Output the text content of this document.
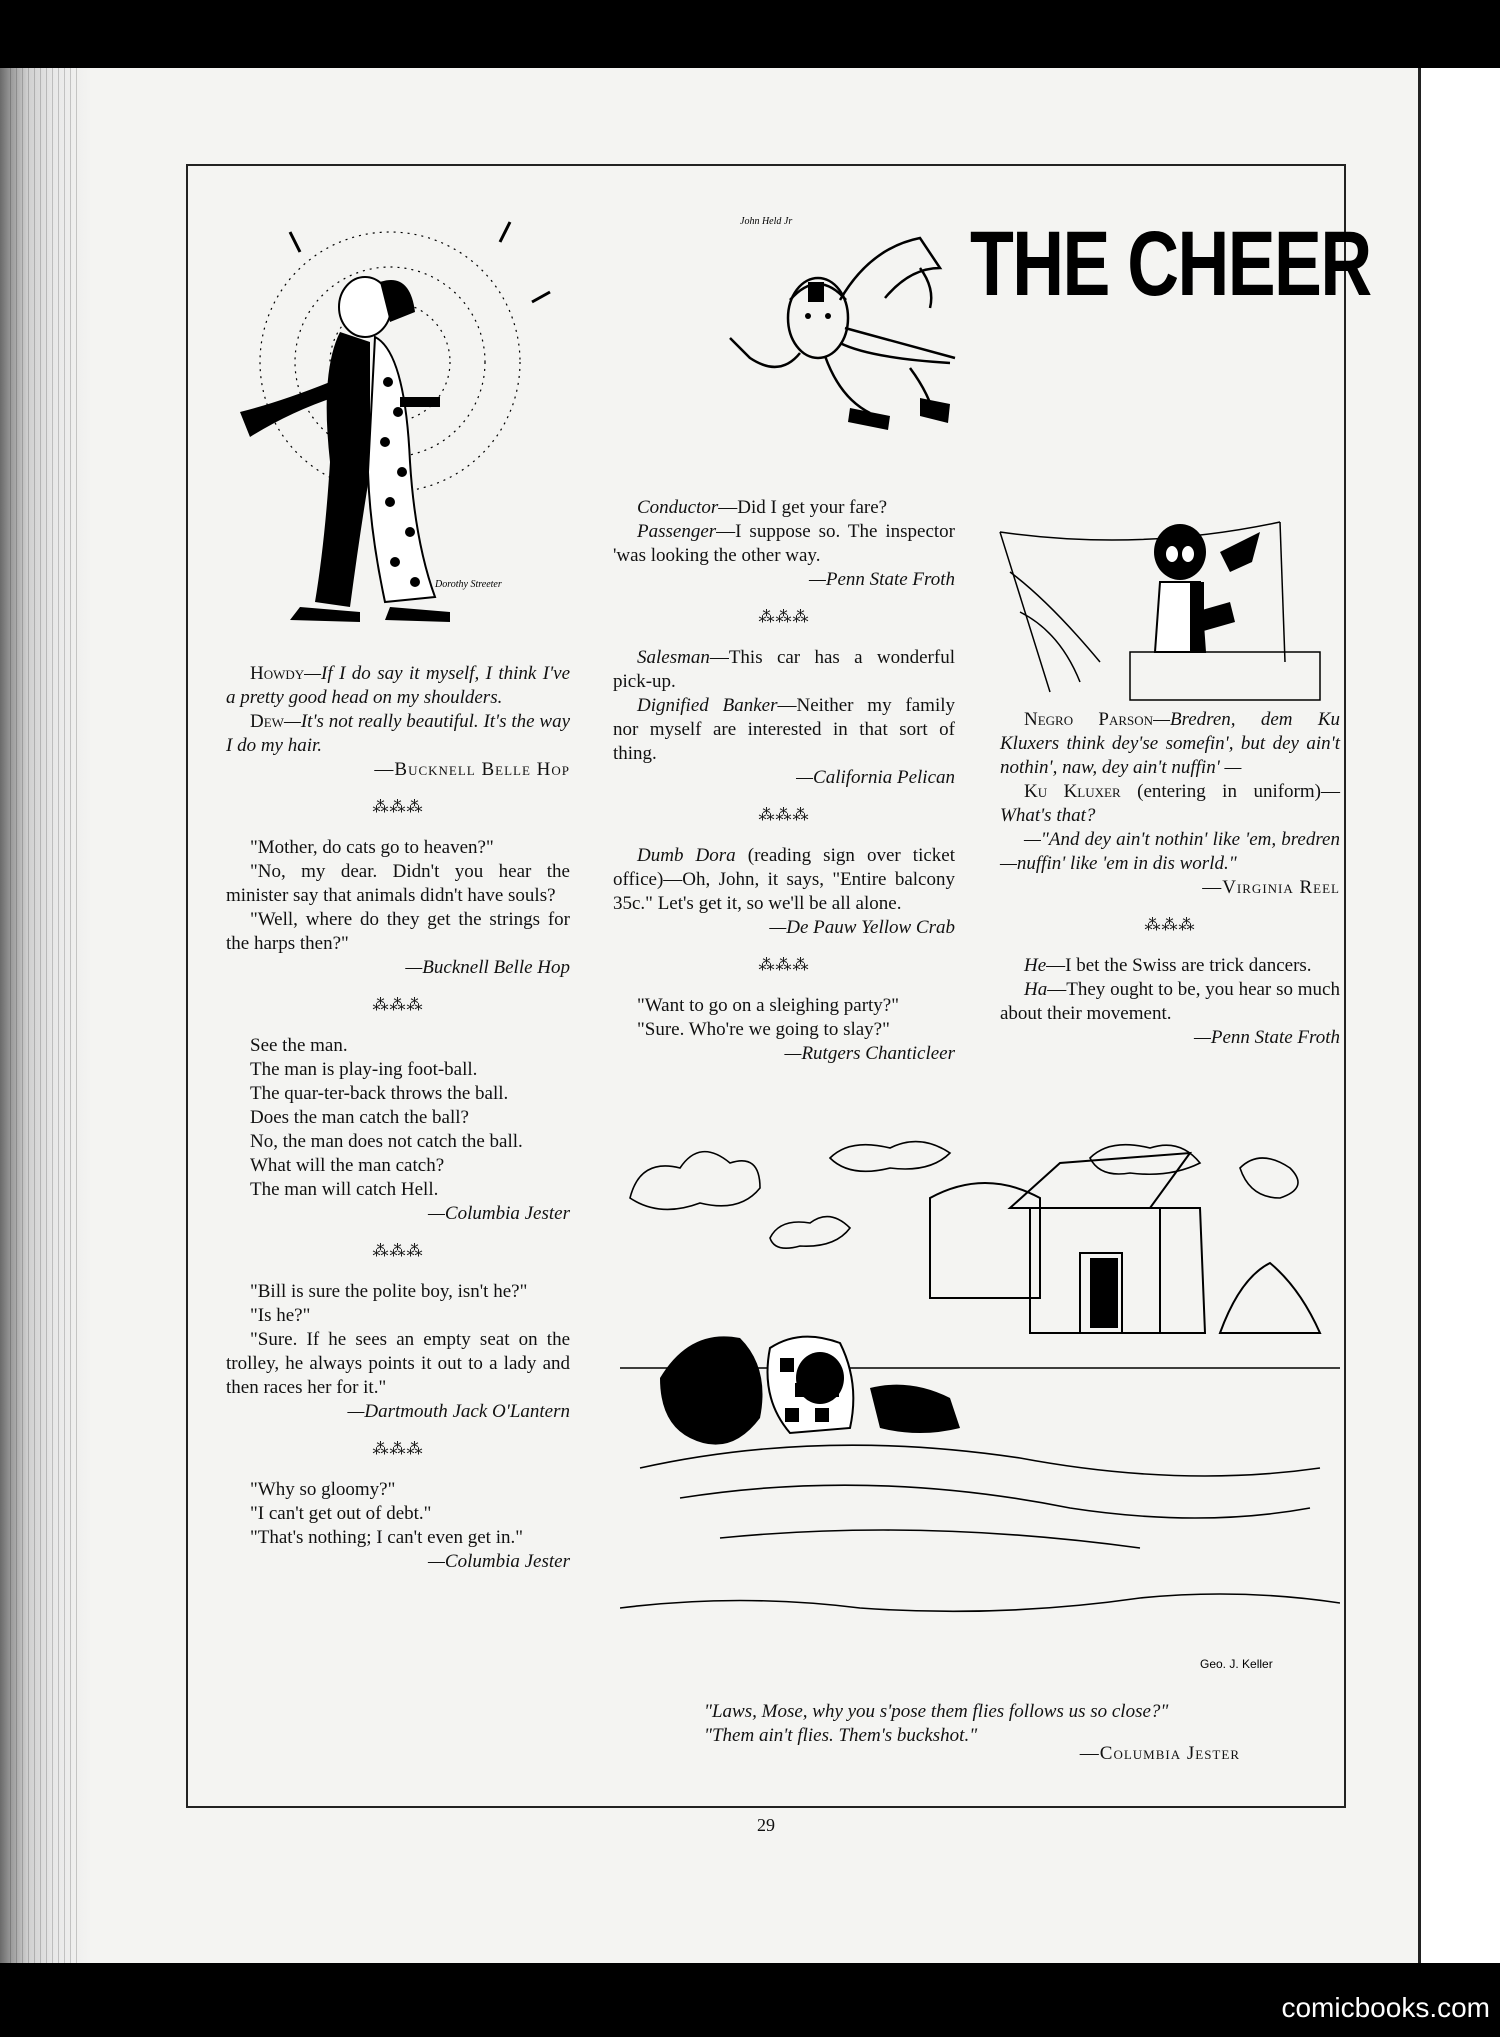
John Held Jr THE CHEER
Dorothy Streeter

Howdy—If I do say it myself, I think I've a pretty good head on my shoulders.

Dew—It's not really beautiful. It's the way I do my hair.

—Bucknell Belle Hop

⁂⁂⁂

"Mother, do cats go to heaven?"

"No, my dear. Didn't you hear the minister say that animals didn't have souls?

"Well, where do they get the strings for the harps then?"

—Bucknell Belle Hop

⁂⁂⁂

See the man.

The man is play-ing foot-ball.

The quar-ter-back throws the ball.

Does the man catch the ball?

No, the man does not catch the ball.

What will the man catch?

The man will catch Hell.

—Columbia Jester

⁂⁂⁂

"Bill is sure the polite boy, isn't he?"

"Is he?"

"Sure. If he sees an empty seat on the trolley, he always points it out to a lady and then races her for it."

—Dartmouth Jack O'Lantern

⁂⁂⁂

"Why so gloomy?"

"I can't get out of debt."

"That's nothing; I can't even get in."

—Columbia Jester

Conductor—Did I get your fare?

Passenger—I suppose so. The inspector 'was looking the other way.

—Penn State Froth

⁂⁂⁂

Salesman—This car has a wonderful pick-up.

Dignified Banker—Neither my family nor myself are interested in that sort of thing.

—California Pelican

⁂⁂⁂

Dumb Dora (reading sign over ticket office)—Oh, John, it says, "Entire balcony 35c." Let's get it, so we'll be all alone.

—De Pauw Yellow Crab

⁂⁂⁂

"Want to go on a sleighing party?"

"Sure. Who're we going to slay?"

—Rutgers Chanticleer

Negro Parson—Bredren, dem Ku Kluxers think dey'se somefin', but dey ain't nothin', naw, dey ain't nuffin' —

Ku Kluxer (entering in uniform)—What's that?

—"And dey ain't nothin' like 'em, bredren—nuffin' like 'em in dis world."

—Virginia Reel

⁂⁂⁂

He—I bet the Swiss are trick dancers.

Ha—They ought to be, you hear so much about their movement.

—Penn State Froth

Geo. J. Keller

"Laws, Mose, why you s'pose them flies follows us so close?"

"Them ain't flies. Them's buckshot."

—Columbia Jester
29
comicbooks.com
